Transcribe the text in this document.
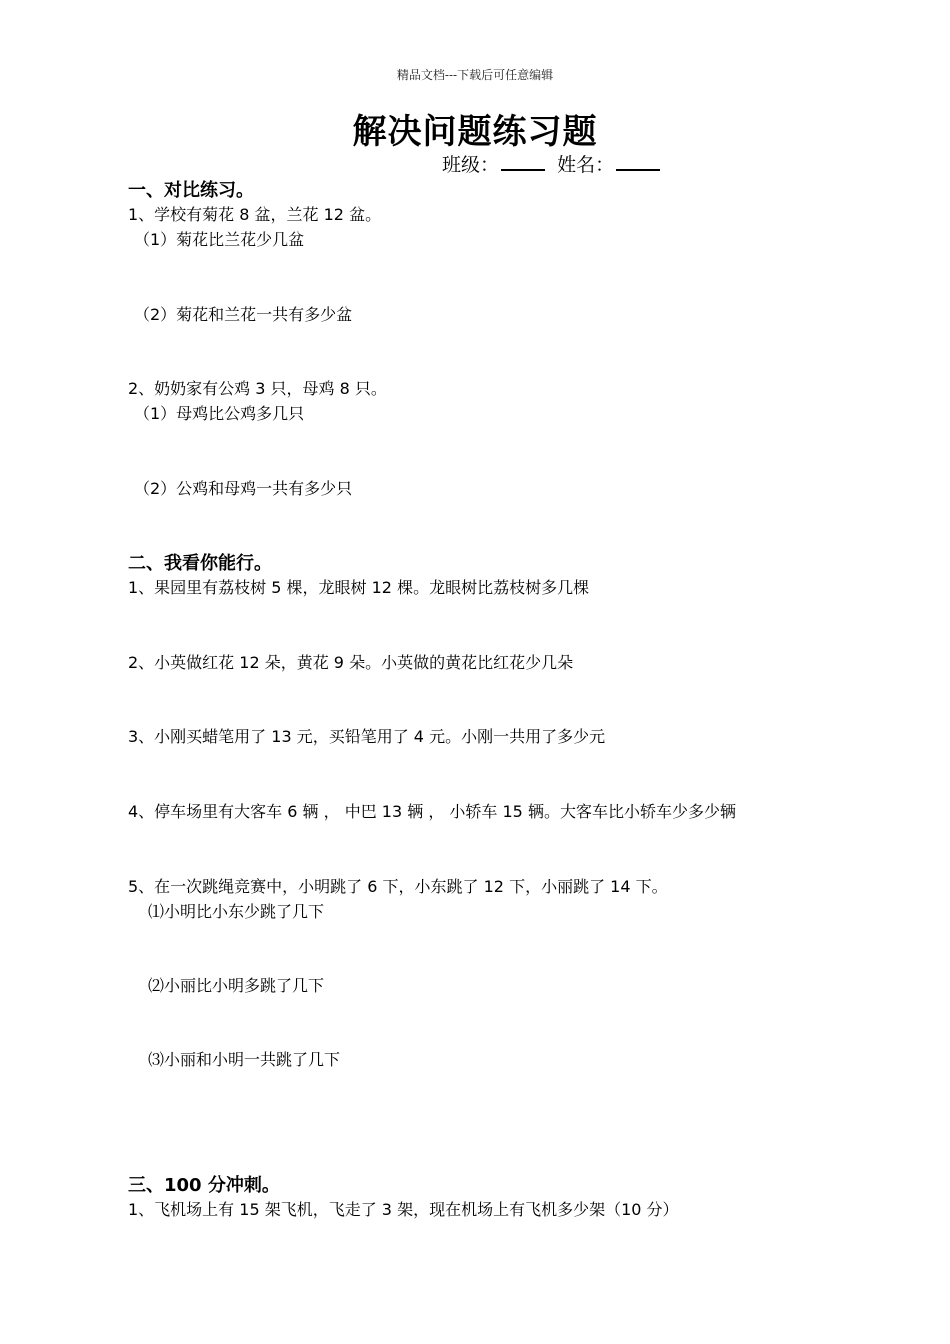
精品文档---下载后可任意编辑
解决问题练习题
班级：	姓名：
一、对比练习。
1、学校有菊花 8 盆，兰花 12 盆。
（1）菊花比兰花少几盆
（2）菊花和兰花一共有多少盆
2、奶奶家有公鸡 3 只，母鸡 8 只。
（1）母鸡比公鸡多几只
（2）公鸡和母鸡一共有多少只
二、我看你能行。
1、果园里有荔枝树 5 棵，龙眼树 12 棵。龙眼树比荔枝树多几棵
2、小英做红花 12 朵，黄花 9 朵。小英做的黄花比红花少几朵
3、小刚买蜡笔用了 13 元，买铅笔用了 4 元。小刚一共用了多少元
4、停车场里有大客车 6 辆 ， 中巴 13 辆 ， 小轿车 15 辆。大客车比小轿车少多少辆
5、在一次跳绳竞赛中，小明跳了 6 下，小东跳了 12 下，小丽跳了 14 下。
⑴小明比小东少跳了几下
⑵小丽比小明多跳了几下
⑶小丽和小明一共跳了几下
三、100 分冲刺。
1、飞机场上有 15 架飞机，飞走了 3 架，现在机场上有飞机多少架（10 分）
